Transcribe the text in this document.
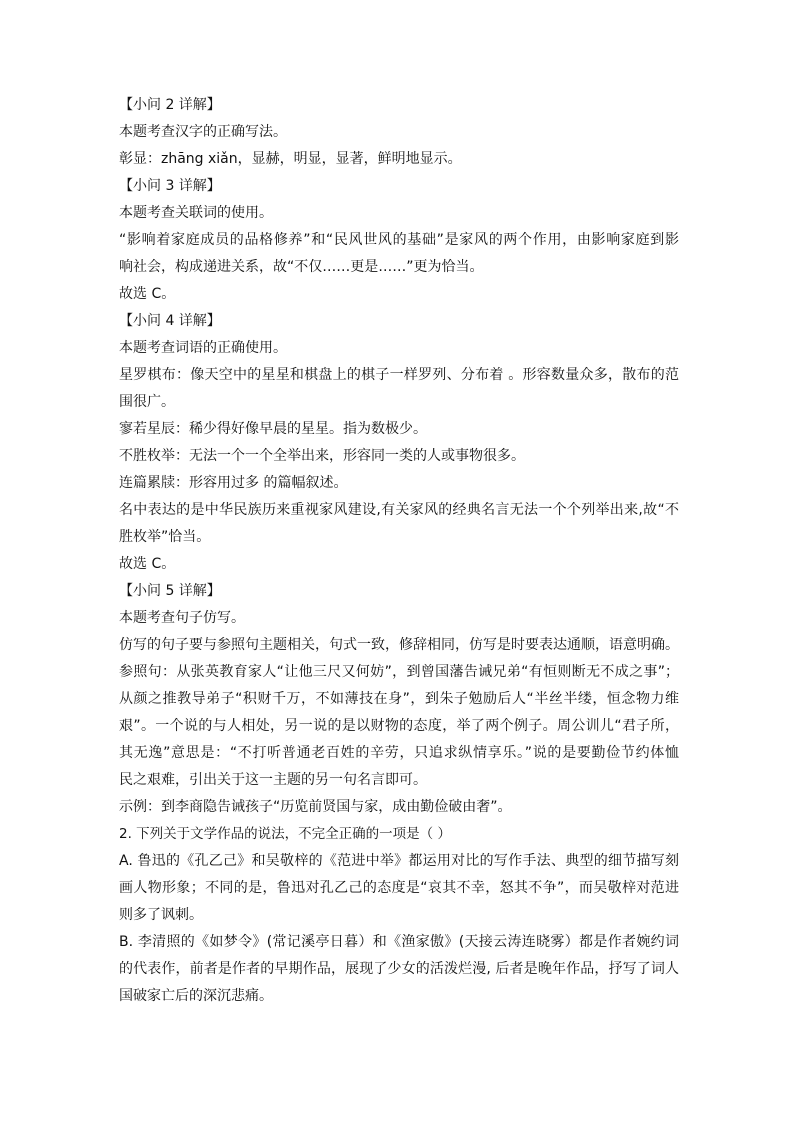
【小问 2 详解】
本题考查汉字的正确写法。
彰显：zhāng xiǎn，显赫，明显，显著，鲜明地显示。
【小问 3 详解】
本题考查关联词的使用。
“影响着家庭成员的品格修养”和“民风世风的基础”是家风的两个作用，由影响家庭到影
响社会，构成递进关系，故“不仅……更是……”更为恰当。
故选 C。
【小问 4 详解】
本题考查词语的正确使用。
星罗棋布：像天空中的星星和棋盘上的棋子一样罗列、分布着 。形容数量众多，散布的范
围很广。
寥若星辰：稀少得好像早晨的星星。指为数极少。
不胜枚举：无法一个一个全举出来，形容同一类的人或事物很多。
连篇累牍：形容用过多 的篇幅叙述。
名中表达的是中华民族历来重视家风建设,有关家风的经典名言无法一个个列举出来,故“不
胜枚举”恰当。
故选 C。
【小问 5 详解】
本题考查句子仿写。
仿写的句子要与参照句主题相关，句式一致，修辞相同，仿写是时要表达通顺，语意明确。
参照句：从张英教育家人“让他三尺又何妨”，到曾国藩告诫兄弟“有恒则断无不成之事”；
从颜之推教导弟子“积财千万，不如薄技在身”，到朱子勉励后人“半丝半缕，恒念物力维
艰”。一个说的与人相处，另一说的是以财物的态度，举了两个例子。周公训儿“君子所，
其无逸”意思是：“不打听普通老百姓的辛劳，只追求纵情享乐。”说的是要勤俭节约体恤
民之艰难，引出关于这一主题的另一句名言即可。
示例：到李商隐告诫孩子“历览前贤国与家，成由勤俭破由奢”。
2. 下列关于文学作品的说法，不完全正确的一项是（ ）
A. 鲁迅的《孔乙己》和吴敬梓的《范进中举》都运用对比的写作手法、典型的细节描写刻
画人物形象；不同的是，鲁迅对孔乙己的态度是“哀其不幸，怒其不争”，而吴敬梓对范进
则多了讽刺。
B. 李清照的《如梦令》(常记溪亭日暮）和《渔家傲》(天接云涛连晓雾）都是作者婉约词
的代表作，前者是作者的早期作品，展现了少女的活泼烂漫, 后者是晚年作品，抒写了词人
国破家亡后的深沉悲痛。
